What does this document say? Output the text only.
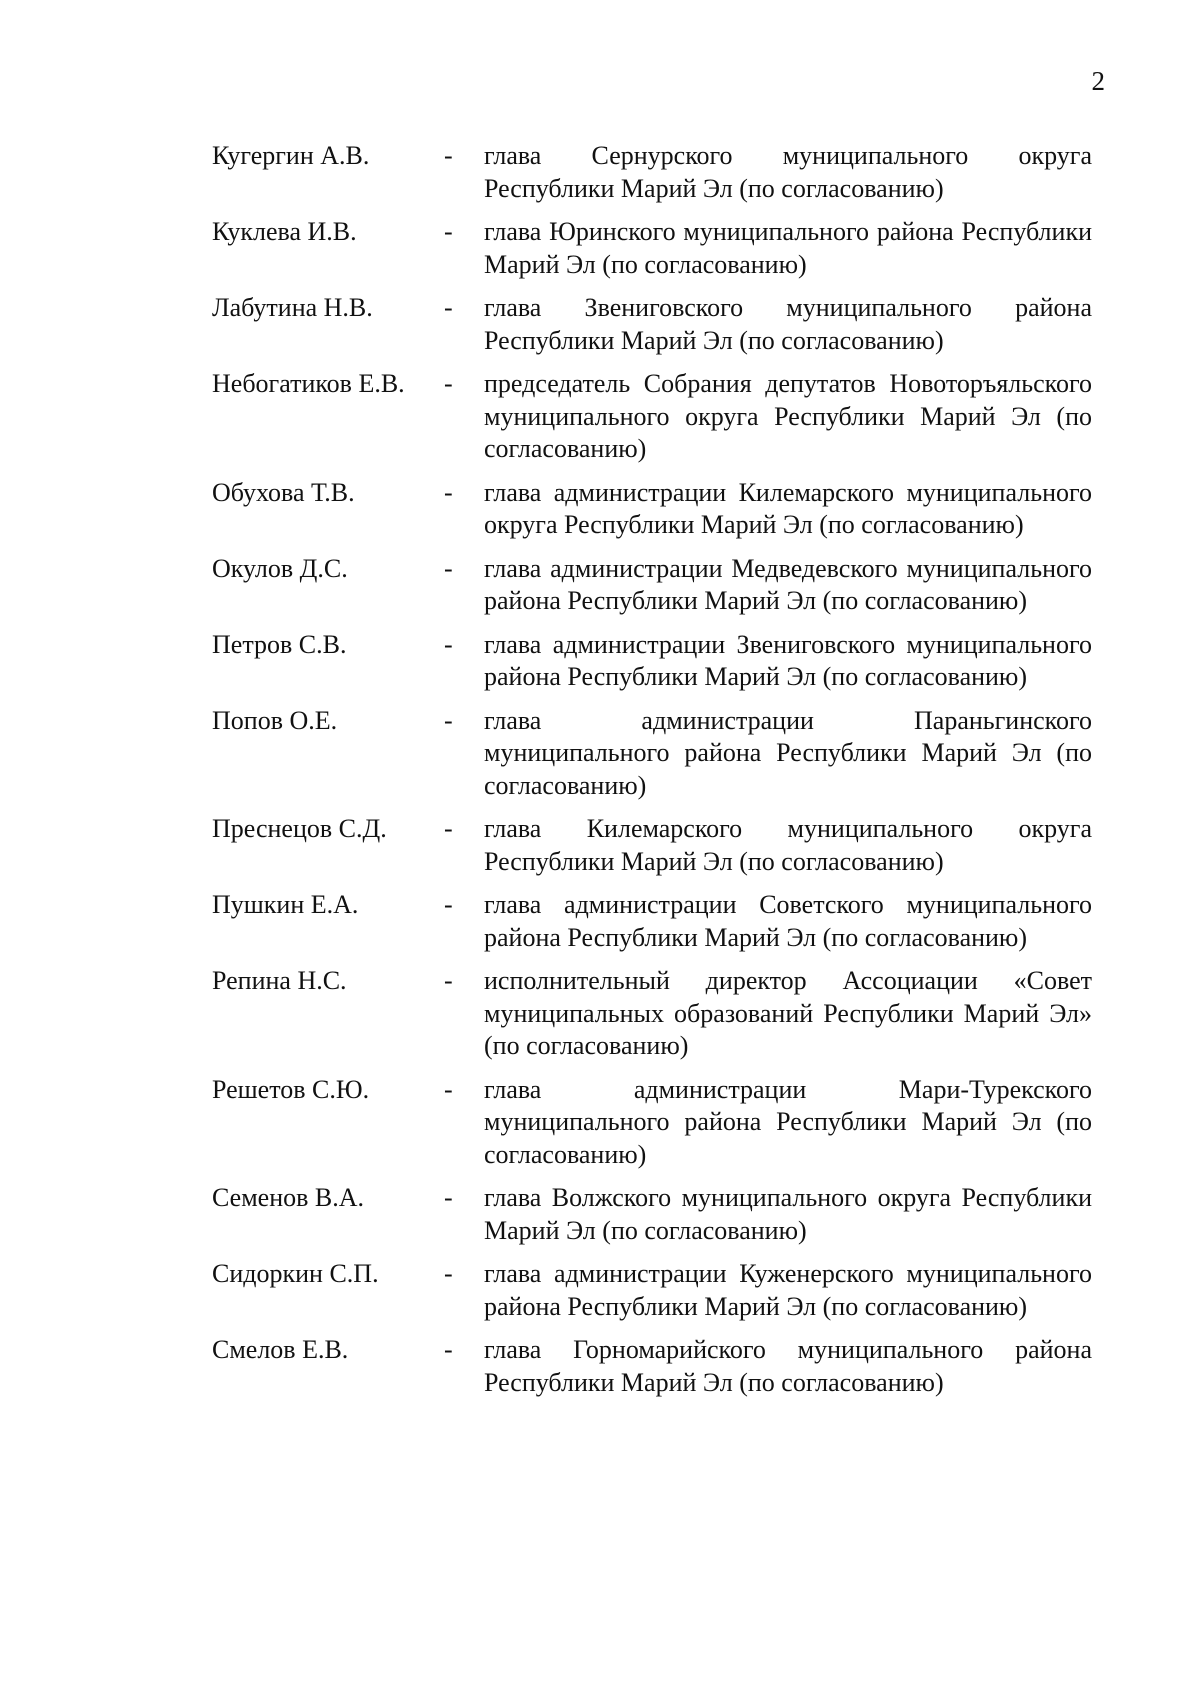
2
Кугергин А.В.	-	глава Сернурского муниципального округа Республики Марий Эл (по согласованию)
Куклева И.В.	-	глава Юринского муниципального района Республики Марий Эл (по согласованию)
Лабутина Н.В.	-	глава Звениговского муниципального района Республики Марий Эл (по согласованию)
Небогатиков Е.В.	-	председатель Собрания депутатов Новоторъяльского муниципального округа Республики Марий Эл (по согласованию)
Обухова Т.В.	-	глава администрации Килемарского муниципального округа Республики Марий Эл (по согласованию)
Окулов Д.С.	-	глава администрации Медведевского муниципального района Республики Марий Эл (по согласованию)
Петров С.В.	-	глава администрации Звениговского муниципального района Республики Марий Эл (по согласованию)
Попов О.Е.	-	глава администрации Параньгинского муниципального района Республики Марий Эл (по согласованию)
Преснецов С.Д.	-	глава Килемарского муниципального округа Республики Марий Эл (по согласованию)
Пушкин Е.А.	-	глава администрации Советского муниципального района Республики Марий Эл (по согласованию)
Репина Н.С.	-	исполнительный директор Ассоциации «Совет муниципальных образований Республики Марий Эл» (по согласованию)
Решетов С.Ю.	-	глава администрации Мари-Турекского муниципального района Республики Марий Эл (по согласованию)
Семенов В.А.	-	глава Волжского муниципального округа Республики Марий Эл (по согласованию)
Сидоркин С.П.	-	глава администрации Куженерского муниципального района Республики Марий Эл (по согласованию)
Смелов Е.В.	-	глава Горномарийского муниципального района Республики Марий Эл (по согласованию)
